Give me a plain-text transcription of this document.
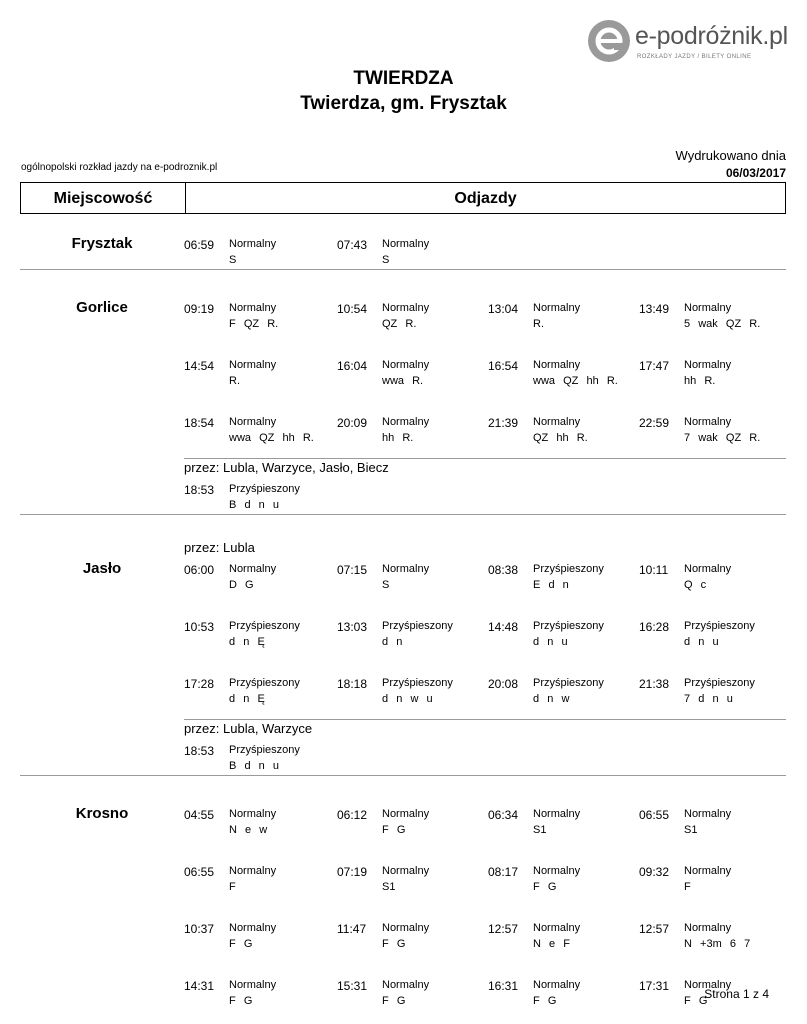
e-podróżnik.pl
ROZKŁADY JAZDY / BILETY ONLINE
TWIERDZA
Twierdza, gm. Frysztak
ogólnopolski rozkład jazdy na e-podroznik.pl
Wydrukowano dnia
06/03/2017
Miejscowość	Odjazdy
06:59 Normalny
S
07:43 Normalny
S
Frysztak
09:19 Normalny
F  QZ  R.
10:54 Normalny
QZ  R.
13:04 Normalny
R.
13:49 Normalny
5  wak  QZ  R.
14:54 Normalny
R.
16:04 Normalny
wwa  R.
16:54 Normalny
wwa  QZ  hh  R.
17:47 Normalny
hh  R.
18:54 Normalny
wwa  QZ  hh  R.
20:09 Normalny
hh  R.
21:39 Normalny
QZ  hh  R.
22:59 Normalny
7  wak  QZ  R.
przez: Lubla, Warzyce, Jasło, Biecz
18:53 Przyśpieszony
B  d  n  u
Gorlice
przez: Lubla
06:00 Normalny
D  G
07:15 Normalny
S
08:38 Przyśpieszony
E  d  n
10:11 Normalny
Q  c
10:53 Przyśpieszony
d  n  Ę
13:03 Przyśpieszony
d  n
14:48 Przyśpieszony
d  n  u
16:28 Przyśpieszony
d  n  u
17:28 Przyśpieszony
d  n  Ę
18:18 Przyśpieszony
d  n  w  u
20:08 Przyśpieszony
d  n  w
21:38 Przyśpieszony
7  d  n  u
przez: Lubla, Warzyce
18:53 Przyśpieszony
B  d  n  u
Jasło
04:55 Normalny
N  e  w
06:12 Normalny
F  G
06:34 Normalny
S1
06:55 Normalny
S1
06:55 Normalny
F
07:19 Normalny
S1
08:17 Normalny
F  G
09:32 Normalny
F
10:37 Normalny
F  G
11:47 Normalny
F  G
12:57 Normalny
N  e  F
12:57 Normalny
N  +3m  6  7
14:31 Normalny
F  G
15:31 Normalny
F  G
16:31 Normalny
F  G
17:31 Normalny
F  G
Krosno
Strona 1 z 4
